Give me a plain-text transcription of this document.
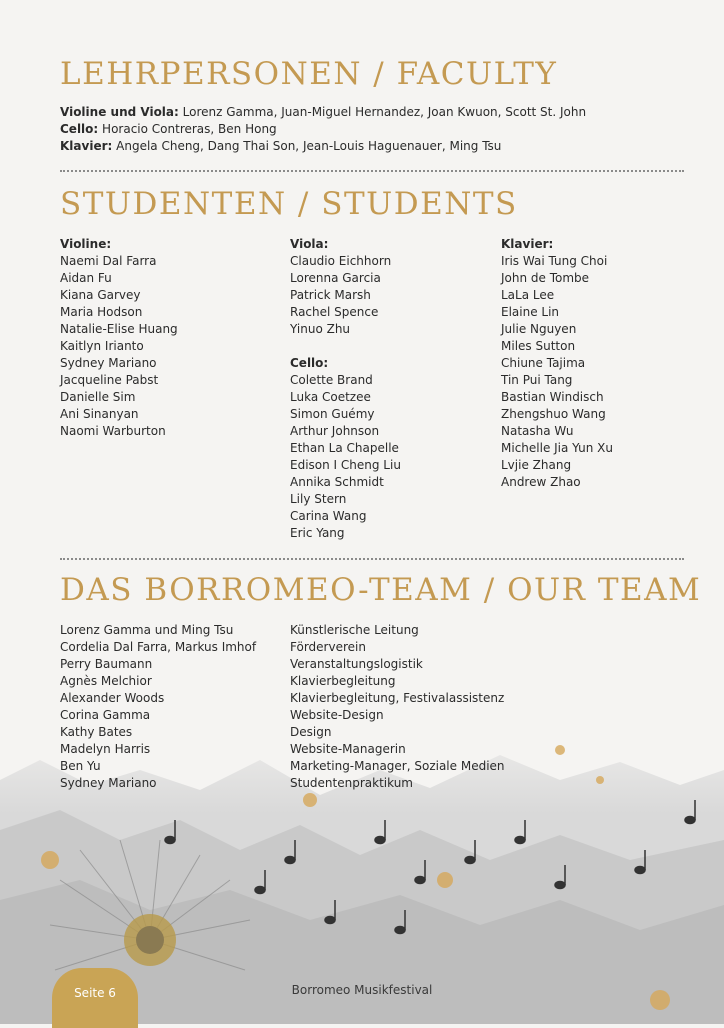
LEHRPERSONEN / FACULTY
Violine und Viola: Lorenz Gamma, Juan-Miguel Hernandez, Joan Kwuon, Scott St. John
Cello: Horacio Contreras, Ben Hong
Klavier: Angela Cheng, Dang Thai Son, Jean-Louis Haguenauer, Ming Tsu
STUDENTEN / STUDENTS
Violine:
Naemi Dal Farra
Aidan Fu
Kiana Garvey
Maria Hodson
Natalie-Elise Huang
Kaitlyn Irianto
Sydney Mariano
Jacqueline Pabst
Danielle Sim
Ani Sinanyan
Naomi Warburton
Viola:
Claudio Eichhorn
Lorenna Garcia
Patrick Marsh
Rachel Spence
Yinuo Zhu
Cello:
Colette Brand
Luka Coetzee
Simon Guémy
Arthur Johnson
Ethan La Chapelle
Edison I Cheng Liu
Annika Schmidt
Lily Stern
Carina Wang
Eric Yang
Klavier:
Iris Wai Tung Choi
John de Tombe
LaLa Lee
Elaine Lin
Julie Nguyen
Miles Sutton
Chiune Tajima
Tin Pui Tang
Bastian Windisch
Zhengshuo Wang
Natasha Wu
Michelle Jia Yun Xu
Lvjie Zhang
Andrew Zhao
DAS BORROMEO-TEAM / OUR TEAM
Lorenz Gamma und Ming Tsu
Cordelia Dal Farra, Markus Imhof
Perry Baumann
Agnès Melchior
Alexander Woods
Corina Gamma
Kathy Bates
Madelyn Harris
Ben Yu
Sydney Mariano
Künstlerische Leitung
Förderverein
Veranstaltungslogistik
Klavierbegleitung
Klavierbegleitung, Festivalassistenz
Website-Design
Design
Website-Managerin
Marketing-Manager, Soziale Medien
Studentenpraktikum
Seite 6	Borromeo Musikfestival
